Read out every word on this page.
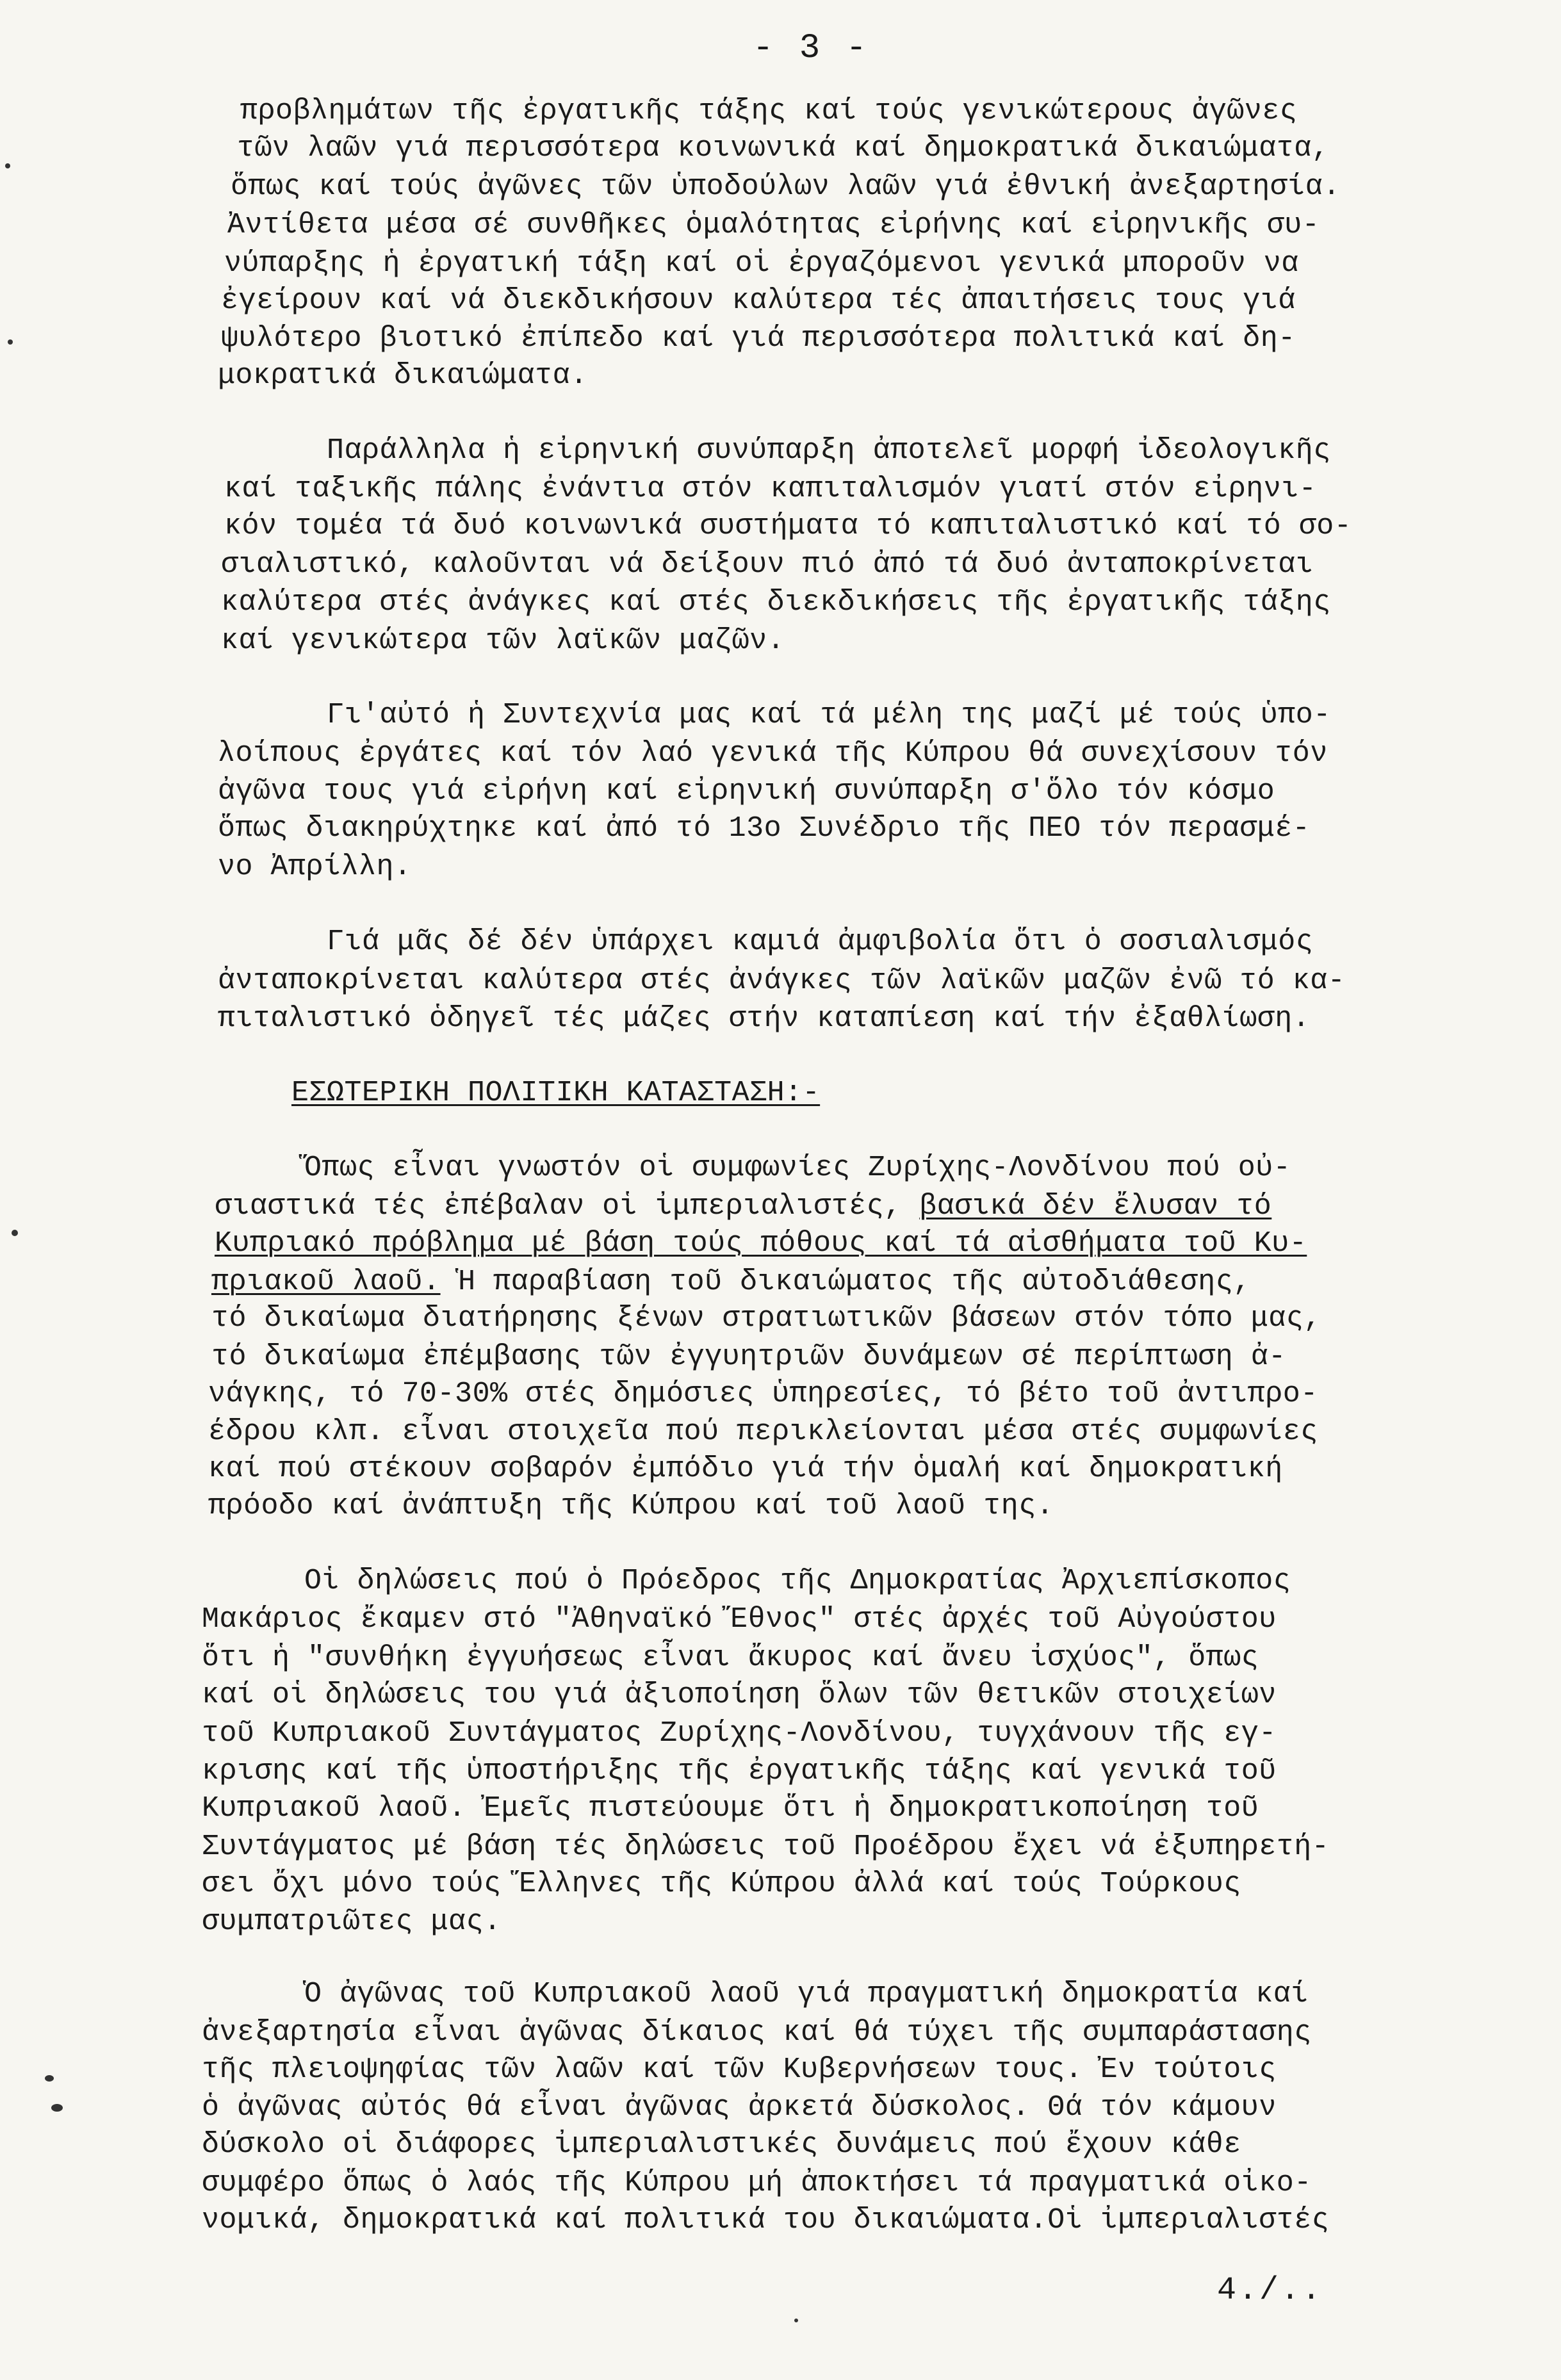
- 3 -
προβλημάτων τῆς ἐργατικῆς τάξης καί τούς γενικώτερους ἀγῶνες
τῶν λαῶν γιά περισσότερα κοινωνικά καί δημοκρατικά δικαιώματα,
ὅπως καί τούς ἀγῶνες τῶν ὑποδούλων λαῶν γιά ἐθνική ἀνεξαρτησία.
Ἀντίθετα μέσα σέ συνθῆκες ὁμαλότητας εἰρήνης καί εἰρηνικῆς συ-
νύπαρξης ἡ ἐργατική τάξη καί οἱ ἐργαζόμενοι γενικά μποροῦν να
ἐγείρουν καί νά διεκδικήσουν καλύτερα τές ἀπαιτήσεις τους γιά
ψυλότερο βιοτικό ἐπίπεδο καί γιά περισσότερα πολιτικά καί δη-
μοκρατικά δικαιώματα.
Παράλληλα ἡ εἰρηνική συνύπαρξη ἀποτελεῖ μορφή ἰδεολογικῆς
καί ταξικῆς πάλης ἐνάντια στόν καπιταλισμόν γιατί στόν εἰρηνι-
κόν τομέα τά δυό κοινωνικά συστήματα τό καπιταλιστικό καί τό σο-
σιαλιστικό, καλοῦνται νά δείξουν πιό ἀπό τά δυό ἀνταποκρίνεται
καλύτερα στές ἀνάγκες καί στές διεκδικήσεις τῆς ἐργατικῆς τάξης
καί γενικώτερα τῶν λαϊκῶν μαζῶν.
Γι'αὐτό ἡ Συντεχνία μας καί τά μέλη της μαζί μέ τούς ὑπο-
λοίπους ἐργάτες καί τόν λαό γενικά τῆς Κύπρου θά συνεχίσουν τόν
ἀγῶνα τους γιά εἰρήνη καί εἰρηνική συνύπαρξη σ'ὅλο τόν κόσμο
ὅπως διακηρύχτηκε καί ἀπό τό 13ο Συνέδριο τῆς ΠΕΟ τόν περασμέ-
νο Ἀπρίλλη.
Γιά μᾶς δέ δέν ὑπάρχει καμιά ἀμφιβολία ὅτι ὁ σοσιαλισμός
ἀνταποκρίνεται καλύτερα στές ἀνάγκες τῶν λαϊκῶν μαζῶν ἐνῶ τό κα-
πιταλιστικό ὁδηγεῖ τές μάζες στήν καταπίεση καί τήν ἐξαθλίωση.
ΕΣΩΤΕΡΙΚΗ ΠΟΛΙΤΙΚΗ ΚΑΤΑΣΤΑΣΗ:-
Ὅπως εἶναι γνωστόν οἱ συμφωνίες Ζυρίχης-Λονδίνου πού οὐ-
σιαστικά τές ἐπέβαλαν οἱ ἰμπεριαλιστές, βασικά δέν ἔλυσαν τό
Κυπριακό πρόβλημα μέ βάση τούς πόθους καί τά αἰσθήματα τοῦ Κυ-
πριακοῦ λαοῦ. Ἡ παραβίαση τοῦ δικαιώματος τῆς αὐτοδιάθεσης,
τό δικαίωμα διατήρησης ξένων στρατιωτικῶν βάσεων στόν τόπο μας,
τό δικαίωμα ἐπέμβασης τῶν ἐγγυητριῶν δυνάμεων σέ περίπτωση ἀ-
νάγκης, τό 70-30% στές δημόσιες ὑπηρεσίες, τό βέτο τοῦ ἀντιπρο-
έδρου κλπ. εἶναι στοιχεῖα πού περικλείονται μέσα στές συμφωνίες
καί πού στέκουν σοβαρόν ἐμπόδιο γιά τήν ὁμαλή καί δημοκρατική
πρόοδο καί ἀνάπτυξη τῆς Κύπρου καί τοῦ λαοῦ της.
Οἱ δηλώσεις πού ὁ Πρόεδρος τῆς Δημοκρατίας Ἀρχιεπίσκοπος
Μακάριος ἔκαμεν στό "Ἀθηναϊκό Ἔθνος" στές ἀρχές τοῦ Αὐγούστου
ὅτι ἡ "συνθήκη ἐγγυήσεως εἶναι ἄκυρος καί ἄνευ ἰσχύος", ὅπως
καί οἱ δηλώσεις του γιά ἀξιοποίηση ὅλων τῶν θετικῶν στοιχείων
τοῦ Κυπριακοῦ Συντάγματος Ζυρίχης-Λονδίνου, τυγχάνουν τῆς εγ-
κρισης καί τῆς ὑποστήριξης τῆς ἐργατικῆς τάξης καί γενικά τοῦ
Κυπριακοῦ λαοῦ. Ἐμεῖς πιστεύουμε ὅτι ἡ δημοκρατικοποίηση τοῦ
Συντάγματος μέ βάση τές δηλώσεις τοῦ Προέδρου ἔχει νά ἐξυπηρετή-
σει ὄχι μόνο τούς Ἕλληνες τῆς Κύπρου ἀλλά καί τούς Τούρκους
συμπατριῶτες μας.
Ὁ ἀγῶνας τοῦ Κυπριακοῦ λαοῦ γιά πραγματική δημοκρατία καί
ἀνεξαρτησία εἶναι ἀγῶνας δίκαιος καί θά τύχει τῆς συμπαράστασης
τῆς πλειοψηφίας τῶν λαῶν καί τῶν Κυβερνήσεων τους. Ἐν τούτοις
ὁ ἀγῶνας αὐτός θά εἶναι ἀγῶνας ἀρκετά δύσκολος. Θά τόν κάμουν
δύσκολο οἱ διάφορες ἰμπεριαλιστικές δυνάμεις πού ἔχουν κάθε
συμφέρο ὅπως ὁ λαός τῆς Κύπρου μή ἀποκτήσει τά πραγματικά οἰκο-
νομικά, δημοκρατικά καί πολιτικά του δικαιώματα.Οἱ ἰμπεριαλιστές
4./..
